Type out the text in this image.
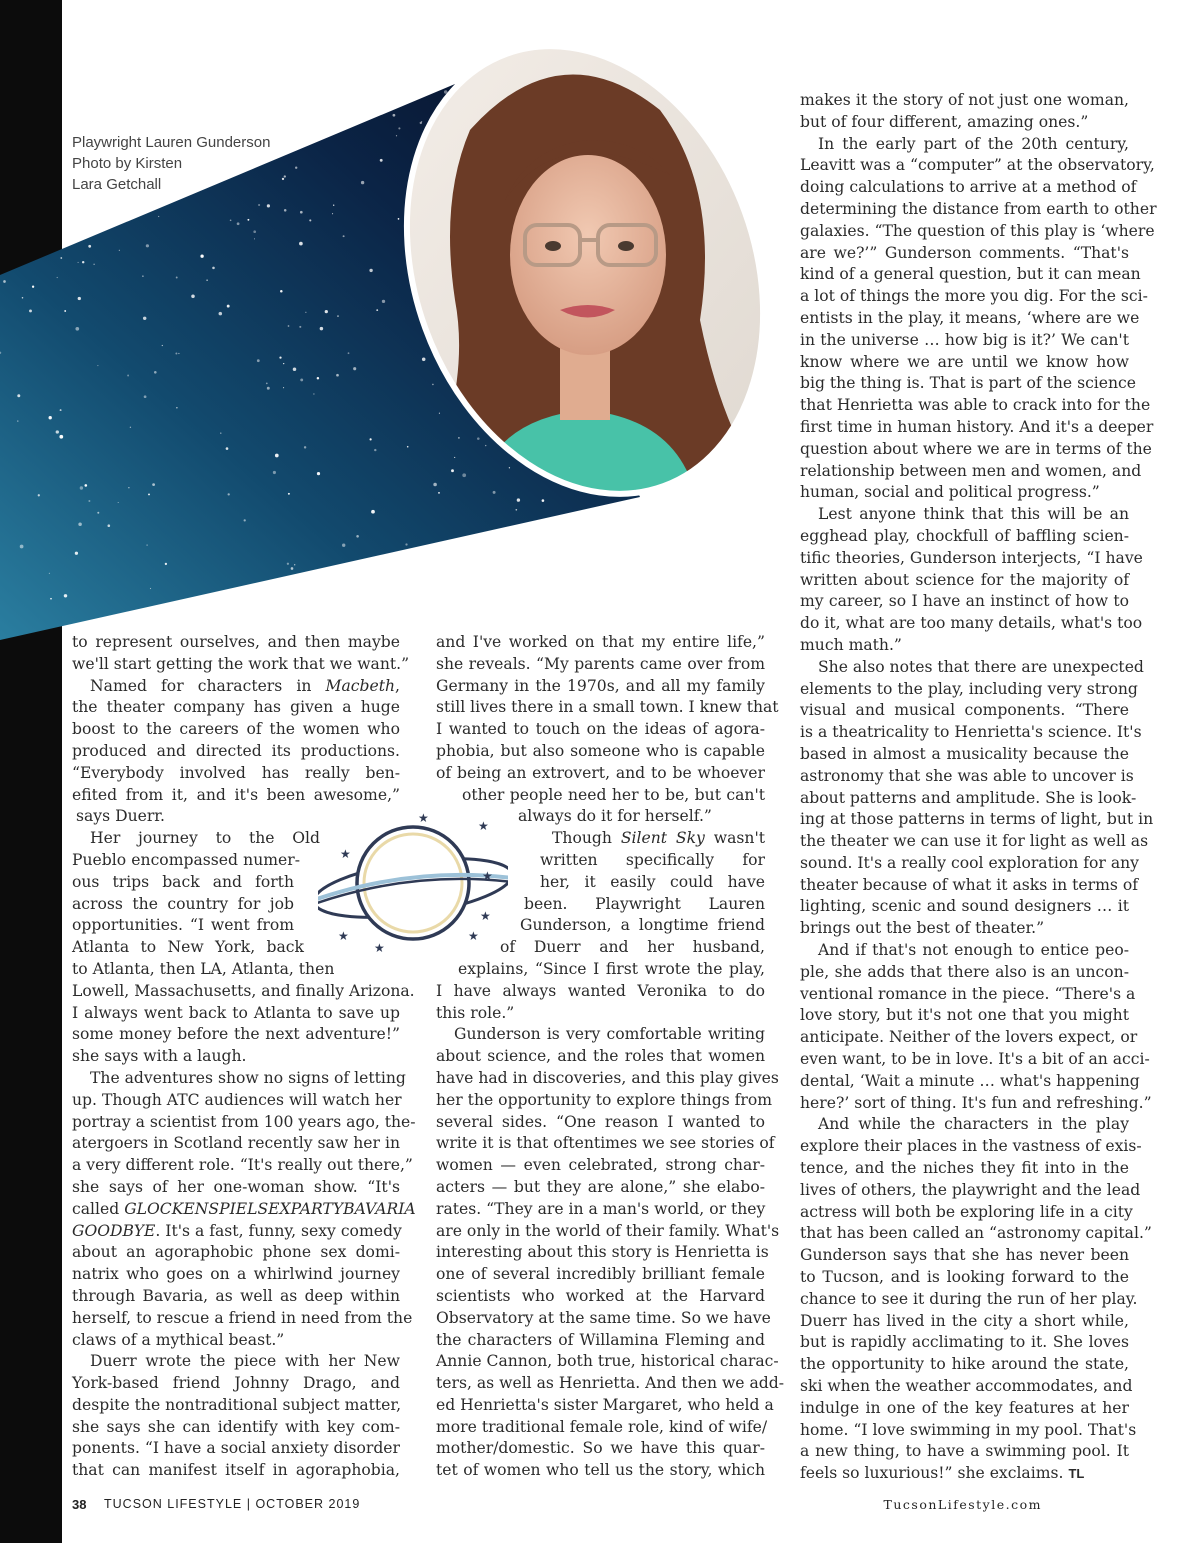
Playwright Lauren Gunderson
Photo by Kirsten
Lara Getchall
★
★
★
★
★
★	★
★
to represent ourselves, and then maybe
we'll start getting the work that we want.”
Named for characters in Macbeth,
the theater company has given a huge
boost to the careers of the women who
produced and directed its productions.
“Everybody involved has really ben-
efited from it, and it's been awesome,”
says Duerr.
Her journey to the Old
Pueblo encompassed numer-
ous trips back and forth
across the country for job
opportunities. “I went from
Atlanta to New York, back
to Atlanta, then LA, Atlanta, then
Lowell, Massachusetts, and finally Arizona.
I always went back to Atlanta to save up
some money before the next adventure!”
she says with a laugh.
The adventures show no signs of letting
up. Though ATC audiences will watch her
portray a scientist from 100 years ago, the-
atergoers in Scotland recently saw her in
a very different role. “It's really out there,”
she says of her one-woman show. “It's
called GLOCKENSPIELSEXPARTYBAVARIA
GOODBYE. It's a fast, funny, sexy comedy
about an agoraphobic phone sex domi-
natrix who goes on a whirlwind journey
through Bavaria, as well as deep within
herself, to rescue a friend in need from the
claws of a mythical beast.”
Duerr wrote the piece with her New
York-based friend Johnny Drago, and
despite the nontraditional subject matter,
she says she can identify with key com-
ponents. “I have a social anxiety disorder
that can manifest itself in agoraphobia,
and I've worked on that my entire life,”
she reveals. “My parents came over from
Germany in the 1970s, and all my family
still lives there in a small town. I knew that
I wanted to touch on the ideas of agora-
phobia, but also someone who is capable
of being an extrovert, and to be whoever
other people need her to be, but can't
always do it for herself.”
Though Silent Sky wasn't
written specifically for
her, it easily could have
been. Playwright Lauren
Gunderson, a longtime friend
of Duerr and her husband,
explains, “Since I first wrote the play,
I have always wanted Veronika to do
this role.”
Gunderson is very comfortable writing
about science, and the roles that women
have had in discoveries, and this play gives
her the opportunity to explore things from
several sides. “One reason I wanted to
write it is that oftentimes we see stories of
women — even celebrated, strong char-
acters — but they are alone,” she elabo-
rates. “They are in a man's world, or they
are only in the world of their family. What's
interesting about this story is Henrietta is
one of several incredibly brilliant female
scientists who worked at the Harvard
Observatory at the same time. So we have
the characters of Willamina Fleming and
Annie Cannon, both true, historical charac-
ters, as well as Henrietta. And then we add-
ed Henrietta's sister Margaret, who held a
more traditional female role, kind of wife/
mother/domestic. So we have this quar-
tet of women who tell us the story, which
makes it the story of not just one woman,
but of four different, amazing ones.”
In the early part of the 20th century,
Leavitt was a “computer” at the observatory,
doing calculations to arrive at a method of
determining the distance from earth to other
galaxies. “The question of this play is ‘where
are we?’” Gunderson comments. “That's
kind of a general question, but it can mean
a lot of things the more you dig. For the sci-
entists in the play, it means, ‘where are we
in the universe … how big is it?’ We can't
know where we are until we know how
big the thing is. That is part of the science
that Henrietta was able to crack into for the
first time in human history. And it's a deeper
question about where we are in terms of the
relationship between men and women, and
human, social and political progress.”
Lest anyone think that this will be an
egghead play, chockfull of baffling scien-
tific theories, Gunderson interjects, “I have
written about science for the majority of
my career, so I have an instinct of how to
do it, what are too many details, what's too
much math.”
She also notes that there are unexpected
elements to the play, including very strong
visual and musical components. “There
is a theatricality to Henrietta's science. It's
based in almost a musicality because the
astronomy that she was able to uncover is
about patterns and amplitude. She is look-
ing at those patterns in terms of light, but in
the theater we can use it for light as well as
sound. It's a really cool exploration for any
theater because of what it asks in terms of
lighting, scenic and sound designers … it
brings out the best of theater.”
And if that's not enough to entice peo-
ple, she adds that there also is an uncon-
ventional romance in the piece. “There's a
love story, but it's not one that you might
anticipate. Neither of the lovers expect, or
even want, to be in love. It's a bit of an acci-
dental, ‘Wait a minute … what's happening
here?’ sort of thing. It's fun and refreshing.”
And while the characters in the play
explore their places in the vastness of exis-
tence, and the niches they fit into in the
lives of others, the playwright and the lead
actress will both be exploring life in a city
that has been called an “astronomy capital.”
Gunderson says that she has never been
to Tucson, and is looking forward to the
chance to see it during the run of her play.
Duerr has lived in the city a short while,
but is rapidly acclimating to it. She loves
the opportunity to hike around the state,
ski when the weather accommodates, and
indulge in one of the key features at her
home. “I love swimming in my pool. That's
a new thing, to have a swimming pool. It
feels so luxurious!” she exclaims. TL
38 TUCSON LIFESTYLE | OCTOBER 2019	TucsonLifestyle.com
